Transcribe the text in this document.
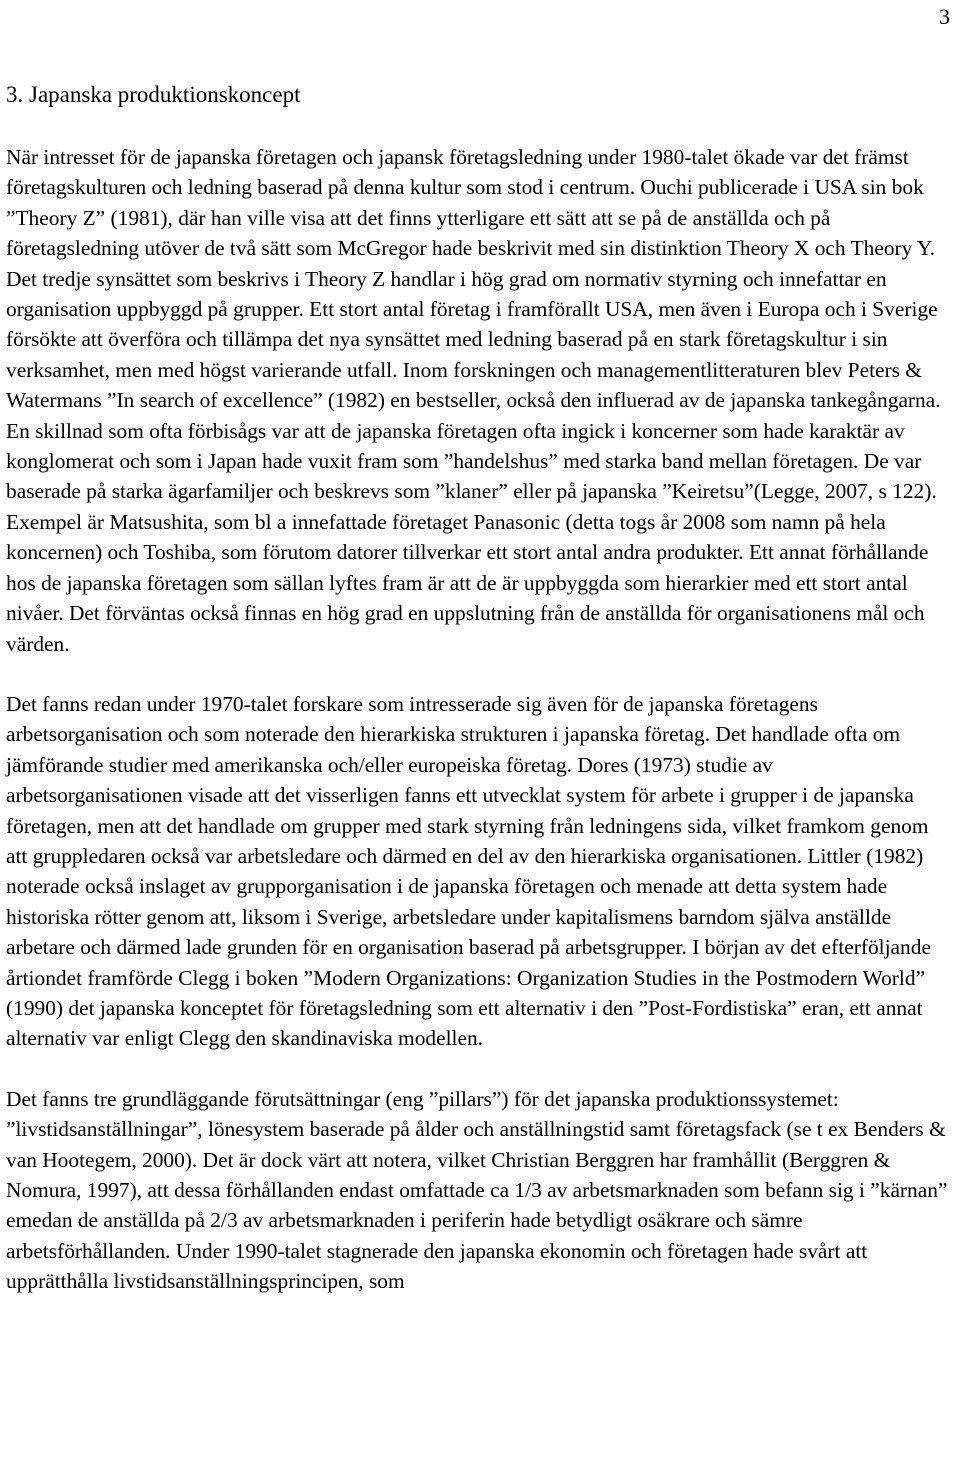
3
3. Japanska produktionskoncept

När intresset för de japanska företagen och japansk företagsledning under 1980-talet ökade var det främst företagskulturen och ledning baserad på denna kultur som stod i centrum. Ouchi publicerade i USA sin bok ”Theory Z” (1981), där han ville visa att det finns ytterligare ett sätt att se på de anställda och på företagsledning utöver de två sätt som McGregor hade beskrivit med sin distinktion Theory X och Theory Y. Det tredje synsättet som beskrivs i Theory Z handlar i hög grad om normativ styrning och innefattar en organisation uppbyggd på grupper. Ett stort antal företag i framförallt USA, men även i Europa och i Sverige försökte att överföra och tillämpa det nya synsättet med ledning baserad på en stark företagskultur i sin verksamhet, men med högst varierande utfall. Inom forskningen och managementlitteraturen blev Peters & Watermans ”In search of excellence” (1982) en bestseller, också den influerad av de japanska tankegångarna. En skillnad som ofta förbisågs var att de japanska företagen ofta ingick i koncerner som hade karaktär av konglomerat och som i Japan hade vuxit fram som ”handelshus” med starka band mellan företagen. De var baserade på starka ägarfamiljer och beskrevs som ”klaner” eller på japanska ”Keiretsu”(Legge, 2007, s 122). Exempel är Matsushita, som bl a innefattade företaget Panasonic (detta togs år 2008 som namn på hela koncernen) och Toshiba, som förutom datorer tillverkar ett stort antal andra produkter. Ett annat förhållande hos de japanska företagen som sällan lyftes fram är att de är uppbyggda som hierarkier med ett stort antal nivåer. Det förväntas också finnas en hög grad en uppslutning från de anställda för organisationens mål och värden.

Det fanns redan under 1970-talet forskare som intresserade sig även för de japanska företagens arbetsorganisation och som noterade den hierarkiska strukturen i japanska företag. Det handlade ofta om jämförande studier med amerikanska och/eller europeiska företag. Dores (1973) studie av arbetsorganisationen visade att det visserligen fanns ett utvecklat system för arbete i grupper i de japanska företagen, men att det handlade om grupper med stark styrning från ledningens sida, vilket framkom genom att gruppledaren också var arbetsledare och därmed en del av den hierarkiska organisationen. Littler (1982) noterade också inslaget av grupporganisation i de japanska företagen och menade att detta system hade historiska rötter genom att, liksom i Sverige, arbetsledare under kapitalismens barndom själva anställde arbetare och därmed lade grunden för en organisation baserad på arbetsgrupper. I början av det efterföljande årtiondet framförde Clegg i boken ”Modern Organizations: Organization Studies in the Postmodern World” (1990) det japanska konceptet för företagsledning som ett alternativ i den ”Post-Fordistiska” eran, ett annat alternativ var enligt Clegg den skandinaviska modellen.

Det fanns tre grundläggande förutsättningar (eng ”pillars”) för det japanska produktionssystemet: ”livstidsanställningar”, lönesystem baserade på ålder och anställningstid samt företagsfack (se t ex Benders & van Hootegem, 2000). Det är dock värt att notera, vilket Christian Berggren har framhållit (Berggren & Nomura, 1997), att dessa förhållanden endast omfattade ca 1/3 av arbetsmarknaden som befann sig i ”kärnan” emedan de anställda på 2/3 av arbetsmarknaden i periferin hade betydligt osäkrare och sämre arbetsförhållanden. Under 1990-talet stagnerade den japanska ekonomin och företagen hade svårt att upprätthålla livstidsanställningsprincipen, som
